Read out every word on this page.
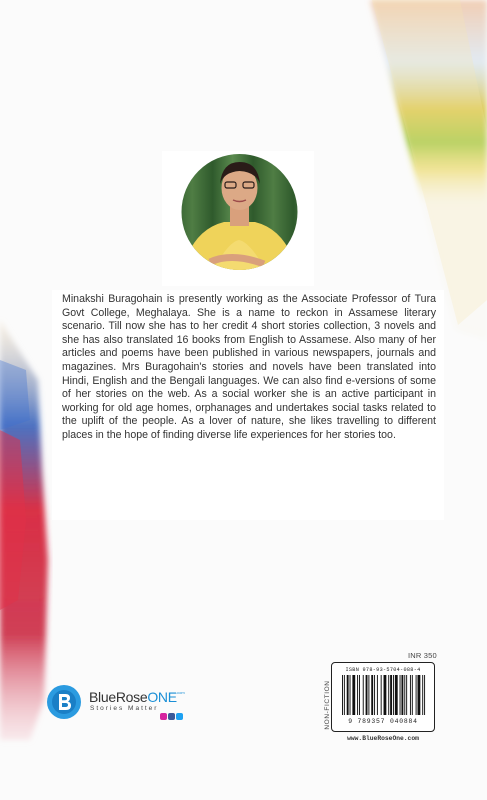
Minakshi Buragohain is presently working as the Associate Professor of Tura Govt College, Meghalaya. She is a name to reckon in Assamese literary scenario. Till now she has to her credit 4 short stories collection, 3 novels and she has also translated 16 books from English to Assamese. Also many of her articles and poems have been published in various newspapers, journals and magazines. Mrs Buragohain's stories and novels have been translated into Hindi, English and the Bengali languages. We can also find e-versions of some of her stories on the web. As a social worker she is an active participant in working for old age homes, orphanages and undertakes social tasks related to the uplift of the people. As a lover of nature, she likes travelling to different places in the hope of finding diverse life experiences for her stories too.

INR 350
NON-FICTION
ISBN 978-93-5704-088-4
9 789357 040884
www.BlueRoseOne.com
BlueRoseONE .com
Stories Matter
